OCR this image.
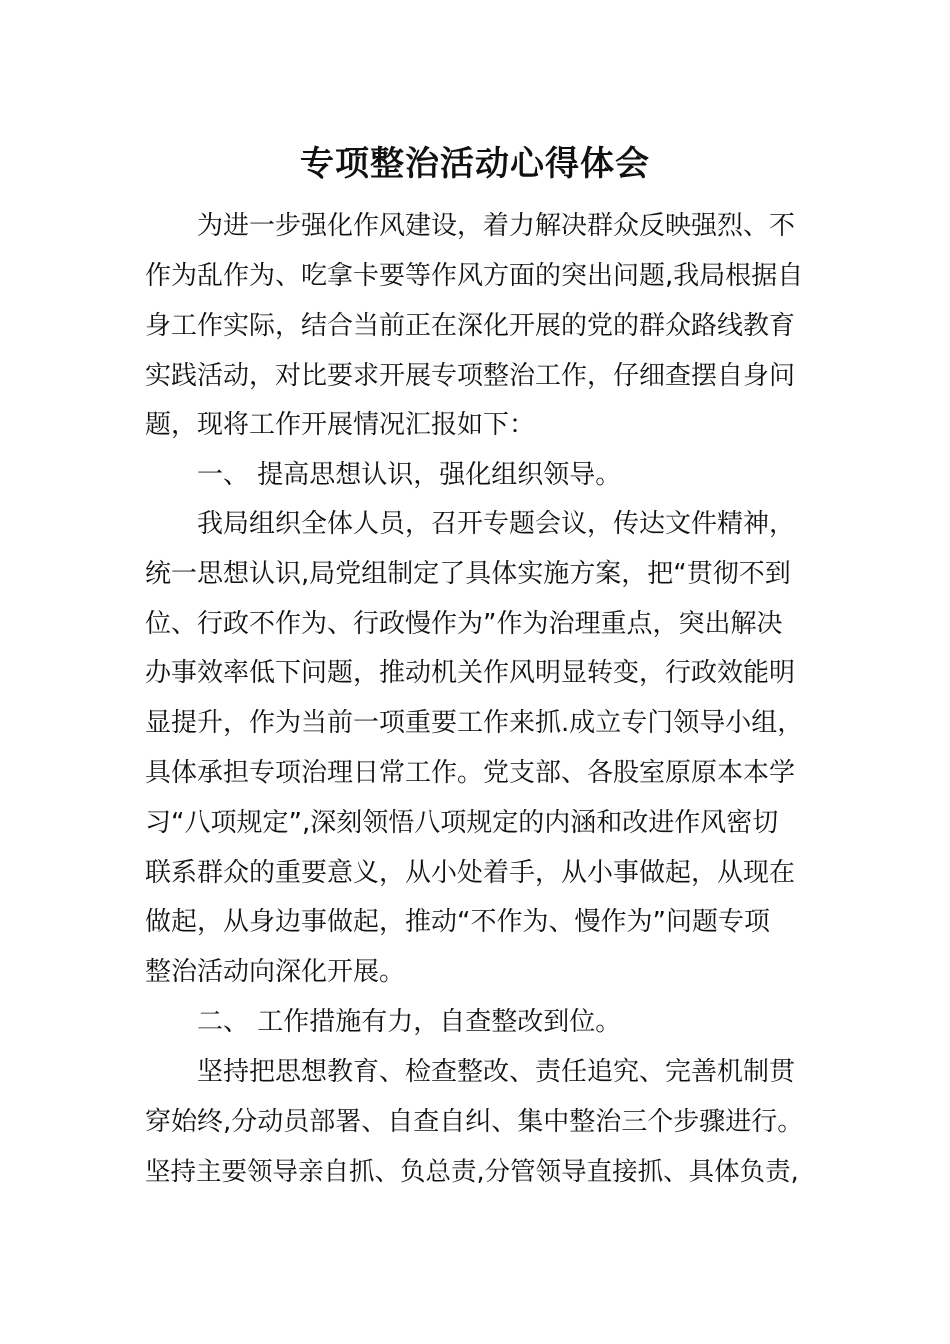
专项整治活动心得体会
为进一步强化作风建设，着力解决群众反映强烈、不
作为乱作为、吃拿卡要等作风方面的突出问题,我局根据自
身工作实际，结合当前正在深化开展的党的群众路线教育
实践活动，对比要求开展专项整治工作，仔细查摆自身问
题，现将工作开展情况汇报如下：
一、 提高思想认识，强化组织领导。
我局组织全体人员，召开专题会议，传达文件精神，
统一思想认识,局党组制定了具体实施方案，把“贯彻不到
位、行政不作为、行政慢作为”作为治理重点，突出解决
办事效率低下问题，推动机关作风明显转变，行政效能明
显提升，作为当前一项重要工作来抓.成立专门领导小组，
具体承担专项治理日常工作。党支部、各股室原原本本学
习“八项规定”,深刻领悟八项规定的内涵和改进作风密切
联系群众的重要意义，从小处着手，从小事做起，从现在
做起，从身边事做起，推动“不作为、慢作为”问题专项
整治活动向深化开展。
二、 工作措施有力，自查整改到位。
坚持把思想教育、检查整改、责任追究、完善机制贯
穿始终,分动员部署、自查自纠、集中整治三个步骤进行。
坚持主要领导亲自抓、负总责,分管领导直接抓、具体负责,
